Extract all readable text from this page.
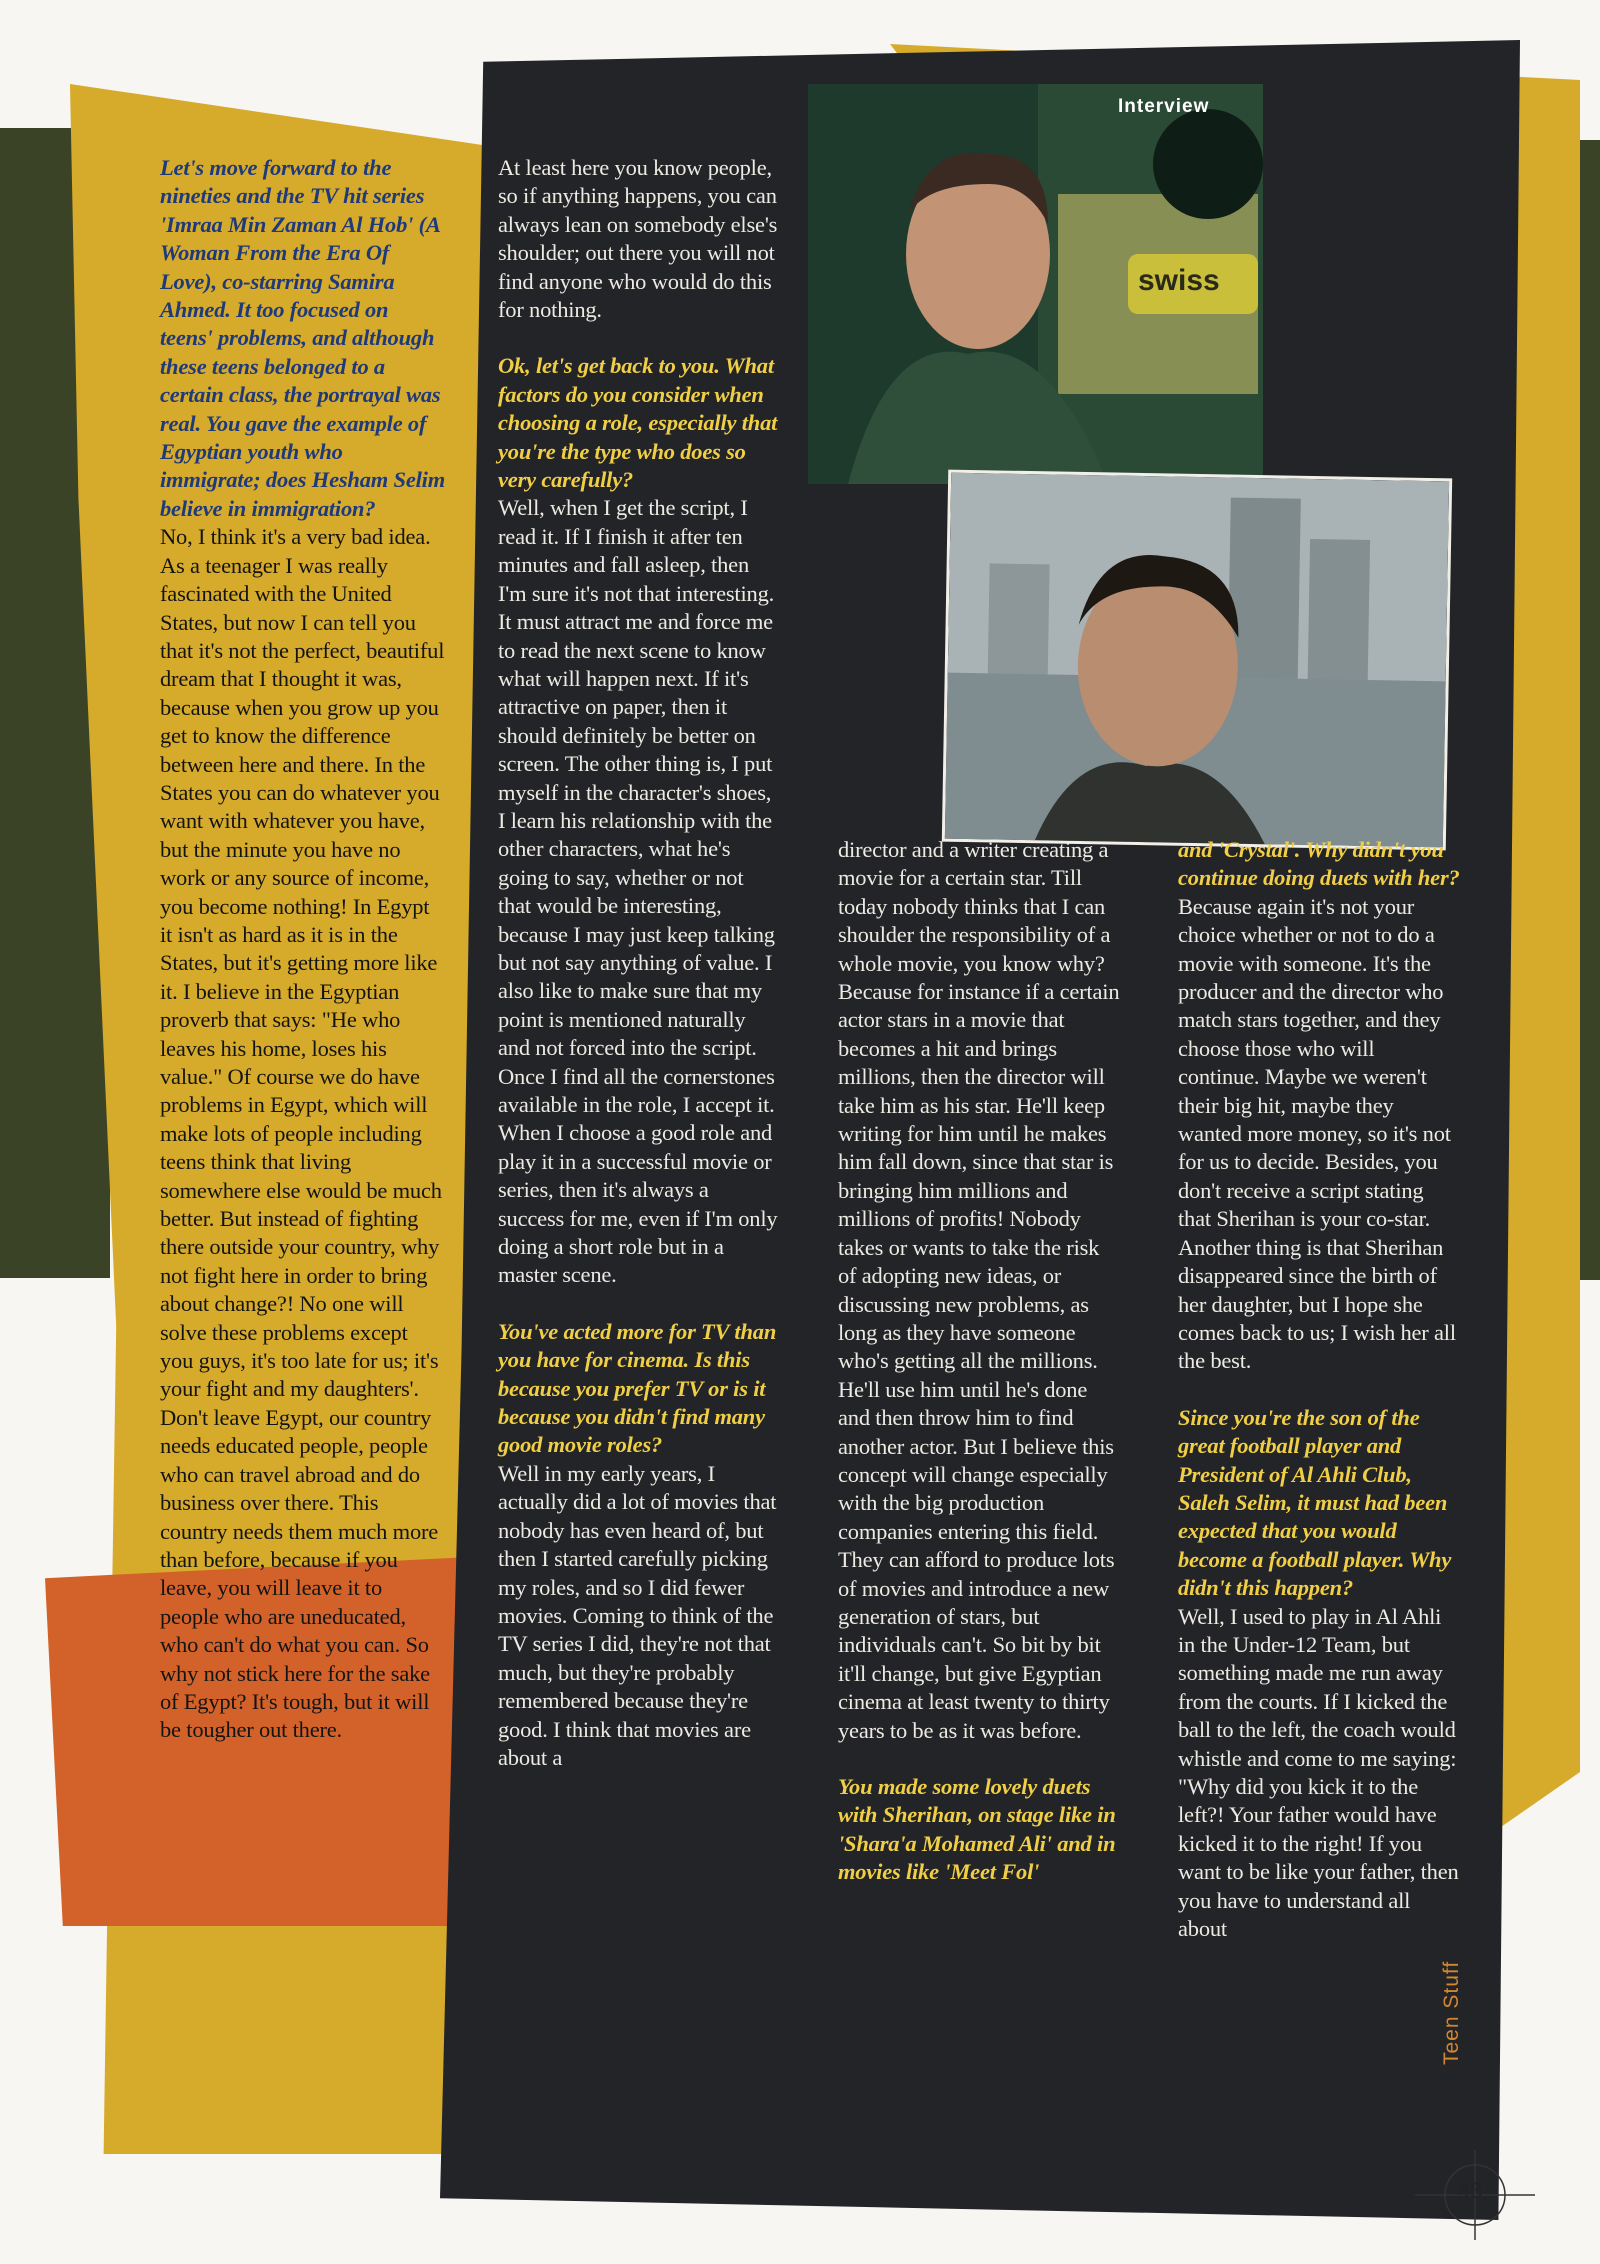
swiss
Interview

Let's move forward to the nineties and the TV hit series 'Imraa Min Zaman Al Hob' (A Woman From the Era Of Love), co-starring Samira Ahmed. It too focused on teens' problems, and although these teens belonged to a certain class, the portrayal was real. You gave the example of Egyptian youth who immigrate; does Hesham Selim believe in immigration?
No, I think it's a very bad idea. As a teenager I was really fascinated with the United States, but now I can tell you that it's not the perfect, beautiful dream that I thought it was, because when you grow up you get to know the difference between here and there. In the States you can do whatever you want with whatever you have, but the minute you have no work or any source of income, you become nothing! In Egypt it isn't as hard as it is in the States, but it's getting more like it. I believe in the Egyptian proverb that says: "He who leaves his home, loses his value." Of course we do have problems in Egypt, which will make lots of people including teens think that living somewhere else would be much better. But instead of fighting there outside your country, why not fight here in order to bring about change?! No one will solve these problems except you guys, it's too late for us; it's your fight and my daughters'. Don't leave Egypt, our country needs educated people, people who can travel abroad and do business over there. This country needs them much more than before, because if you leave, you will leave it to people who are uneducated, who can't do what you can. So why not stick here for the sake of Egypt? It's tough, but it will be tougher out there.

At least here you know people, so if anything happens, you can always lean on somebody else's shoulder; out there you will not find anyone who would do this for nothing.

Ok, let's get back to you. What factors do you consider when choosing a role, especially that you're the type who does so very carefully?
Well, when I get the script, I read it. If I finish it after ten minutes and fall asleep, then I'm sure it's not that interesting. It must attract me and force me to read the next scene to know what will happen next. If it's attractive on paper, then it should definitely be better on screen. The other thing is, I put myself in the character's shoes, I learn his relationship with the other characters, what he's going to say, whether or not that would be interesting, because I may just keep talking but not say anything of value. I also like to make sure that my point is mentioned naturally and not forced into the script. Once I find all the cornerstones available in the role, I accept it. When I choose a good role and play it in a successful movie or series, then it's always a success for me, even if I'm only doing a short role but in a master scene.

You've acted more for TV than you have for cinema. Is this because you prefer TV or is it because you didn't find many good movie roles?
Well in my early years, I actually did a lot of movies that nobody has even heard of, but then I started carefully picking my roles, and so I did fewer movies. Coming to think of the TV series I did, they're not that much, but they're probably remembered because they're good. I think that movies are about a

director and a writer creating a movie for a certain star. Till today nobody thinks that I can shoulder the responsibility of a whole movie, you know why? Because for instance if a certain actor stars in a movie that becomes a hit and brings millions, then the director will take him as his star. He'll keep writing for him until he makes him fall down, since that star is bringing him millions and millions of profits! Nobody takes or wants to take the risk of adopting new ideas, or discussing new problems, as long as they have someone who's getting all the millions. He'll use him until he's done and then throw him to find another actor. But I believe this concept will change especially with the big production companies entering this field. They can afford to produce lots of movies and introduce a new generation of stars, but individuals can't. So bit by bit it'll change, but give Egyptian cinema at least twenty to thirty years to be as it was before.

You made some lovely duets with Sherihan, on stage like in 'Shara'a Mohamed Ali' and in movies like 'Meet Fol'

and 'Crystal'. Why didn't you continue doing duets with her?
Because again it's not your choice whether or not to do a movie with someone. It's the producer and the director who match stars together, and they choose those who will continue. Maybe we weren't their big hit, maybe they wanted more money, so it's not for us to decide. Besides, you don't receive a script stating that Sherihan is your co-star. Another thing is that Sherihan disappeared since the birth of her daughter, but I hope she comes back to us; I wish her all the best.

Since you're the son of the great football player and President of Al Ahli Club, Saleh Selim, it must had been expected that you would become a football player. Why didn't this happen?
Well, I used to play in Al Ahli in the Under-12 Team, but something made me run away from the courts. If I kicked the ball to the left, the coach would whistle and come to me saying: "Why did you kick it to the left?! Your father would have kicked it to the right! If you want to be like your father, then you have to understand all about

Teen Stuff
43
